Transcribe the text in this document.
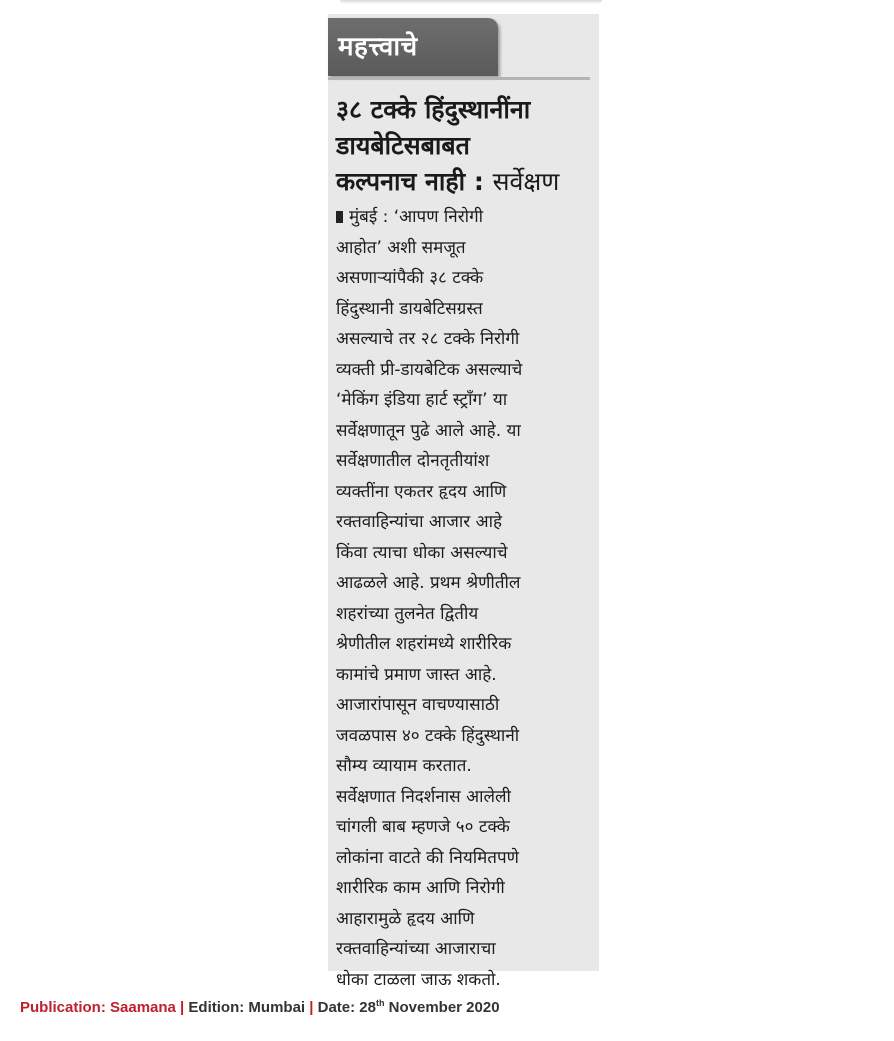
महत्त्वाचे
३८ टक्के हिंदुस्थानींना
डायबेटिसबाबत
कल्पनाच नाही : सर्वेक्षण
मुंबई : ‘आपण निरोगी
आहोत’ अशी समजूत
असणाऱ्यांपैकी ३८ टक्के
हिंदुस्थानी डायबेटिसग्रस्त
असल्याचे तर २८ टक्के निरोगी
व्यक्ती प्री-डायबेटिक असल्याचे
‘मेकिंग इंडिया हार्ट स्ट्राँग’ या
सर्वेक्षणातून पुढे आले आहे. या
सर्वेक्षणातील दोनतृतीयांश
व्यक्तींना एकतर हृदय आणि
रक्तवाहिन्यांचा आजार आहे
किंवा त्याचा धोका असल्याचे
आढळले आहे. प्रथम श्रेणीतील
शहरांच्या तुलनेत द्वितीय
श्रेणीतील शहरांमध्ये शारीरिक
कामांचे प्रमाण जास्त आहे.
आजारांपासून वाचण्यासाठी
जवळपास ४० टक्के हिंदुस्थानी
सौम्य व्यायाम करतात.
सर्वेक्षणात निदर्शनास आलेली
चांगली बाब म्हणजे ५० टक्के
लोकांना वाटते की नियमितपणे
शारीरिक काम आणि निरोगी
आहारामुळे हृदय आणि
रक्तवाहिन्यांच्या आजाराचा
धोका टाळला जाऊ शकतो.
Publication: Saamana | Edition: Mumbai | Date: 28th November 2020
